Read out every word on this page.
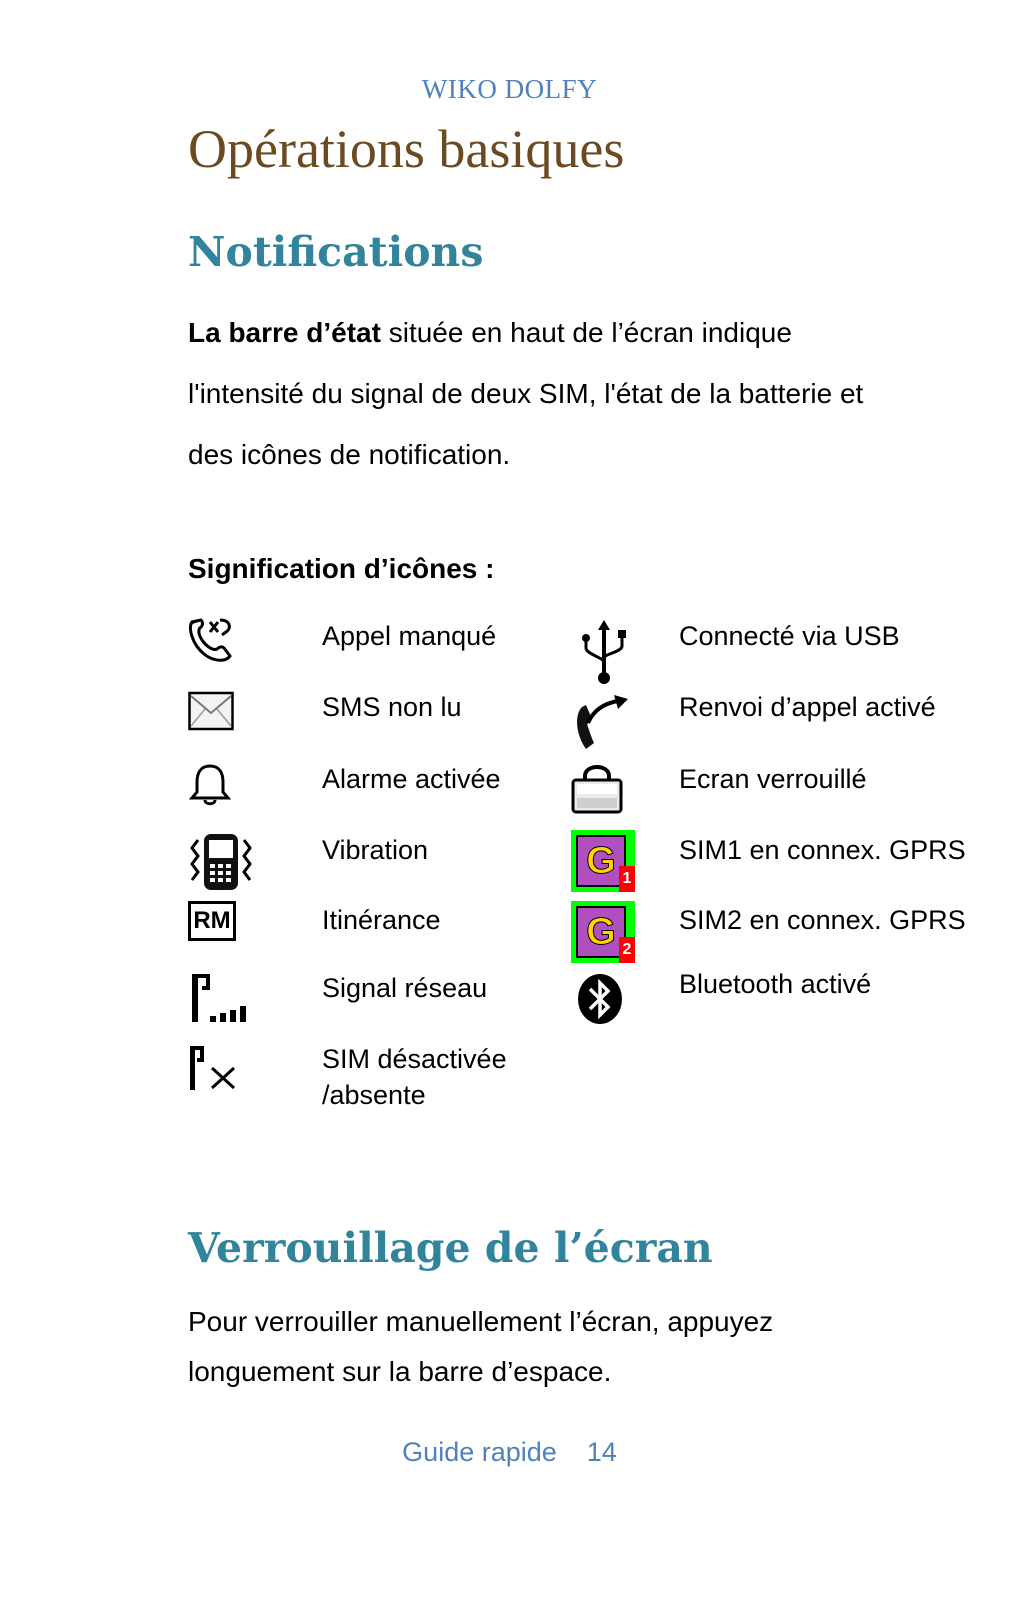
WIKO DOLFY
Opérations basiques
Notifications

La barre d’état située en haut de l’écran indique l'intensité du signal de deux SIM, l'état de la batterie et des icônes de notification.

Signification d’icônes :
Appel manqué
SMS non lu
Alarme activée
Vibration
RM	Itinérance
Signal réseau
SIM désactivée
/absente
Connecté via USB
Renvoi d’appel activé
Ecran verrouillé
G 1
SIM1 en connex. GPRS
G 2
SIM2 en connex. GPRS
Bluetooth activé
Verrouillage de l’écran

Pour verrouiller manuellement l’écran, appuyez longuement sur la barre d’espace.

Guide rapide 14
